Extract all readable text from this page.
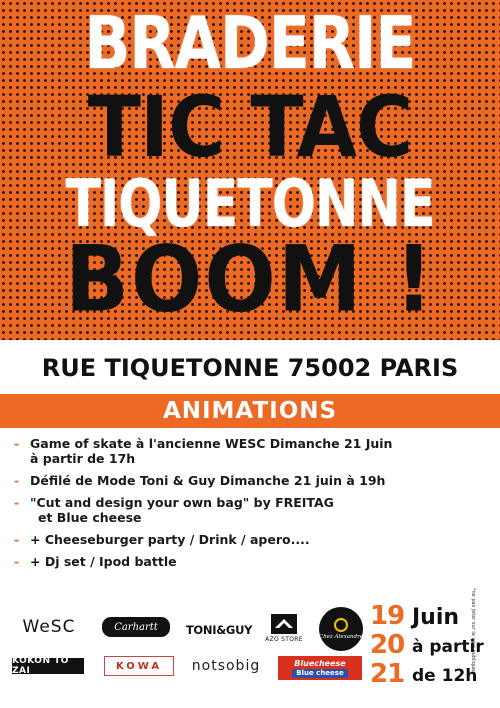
BRADERIE
TIC TAC
TIQUETONNE
BOOM !
RUE TIQUETONNE 75002 PARIS
ANIMATIONS
- Game of skate à l'ancienne WESC Dimanche 21 Juin
à partir de 17h
- Défilé de Mode Toni & Guy Dimanche 21 juin à 19h
- "Cut and design your own bag" by FREITAG
et Blue cheese
- + Cheeseburger party / Drink / apero....
- + Dj set / Ipod battle
*ne pas jeter sur la voie publique
WeSC	Carhartt	TONI&GUY
AZO STORE	Chez Alexandre
KOKON TO ZAI	KOWA	notsobig	Bluecheese
Blue cheese
19 Juin
20 à partir
21 de 12h
